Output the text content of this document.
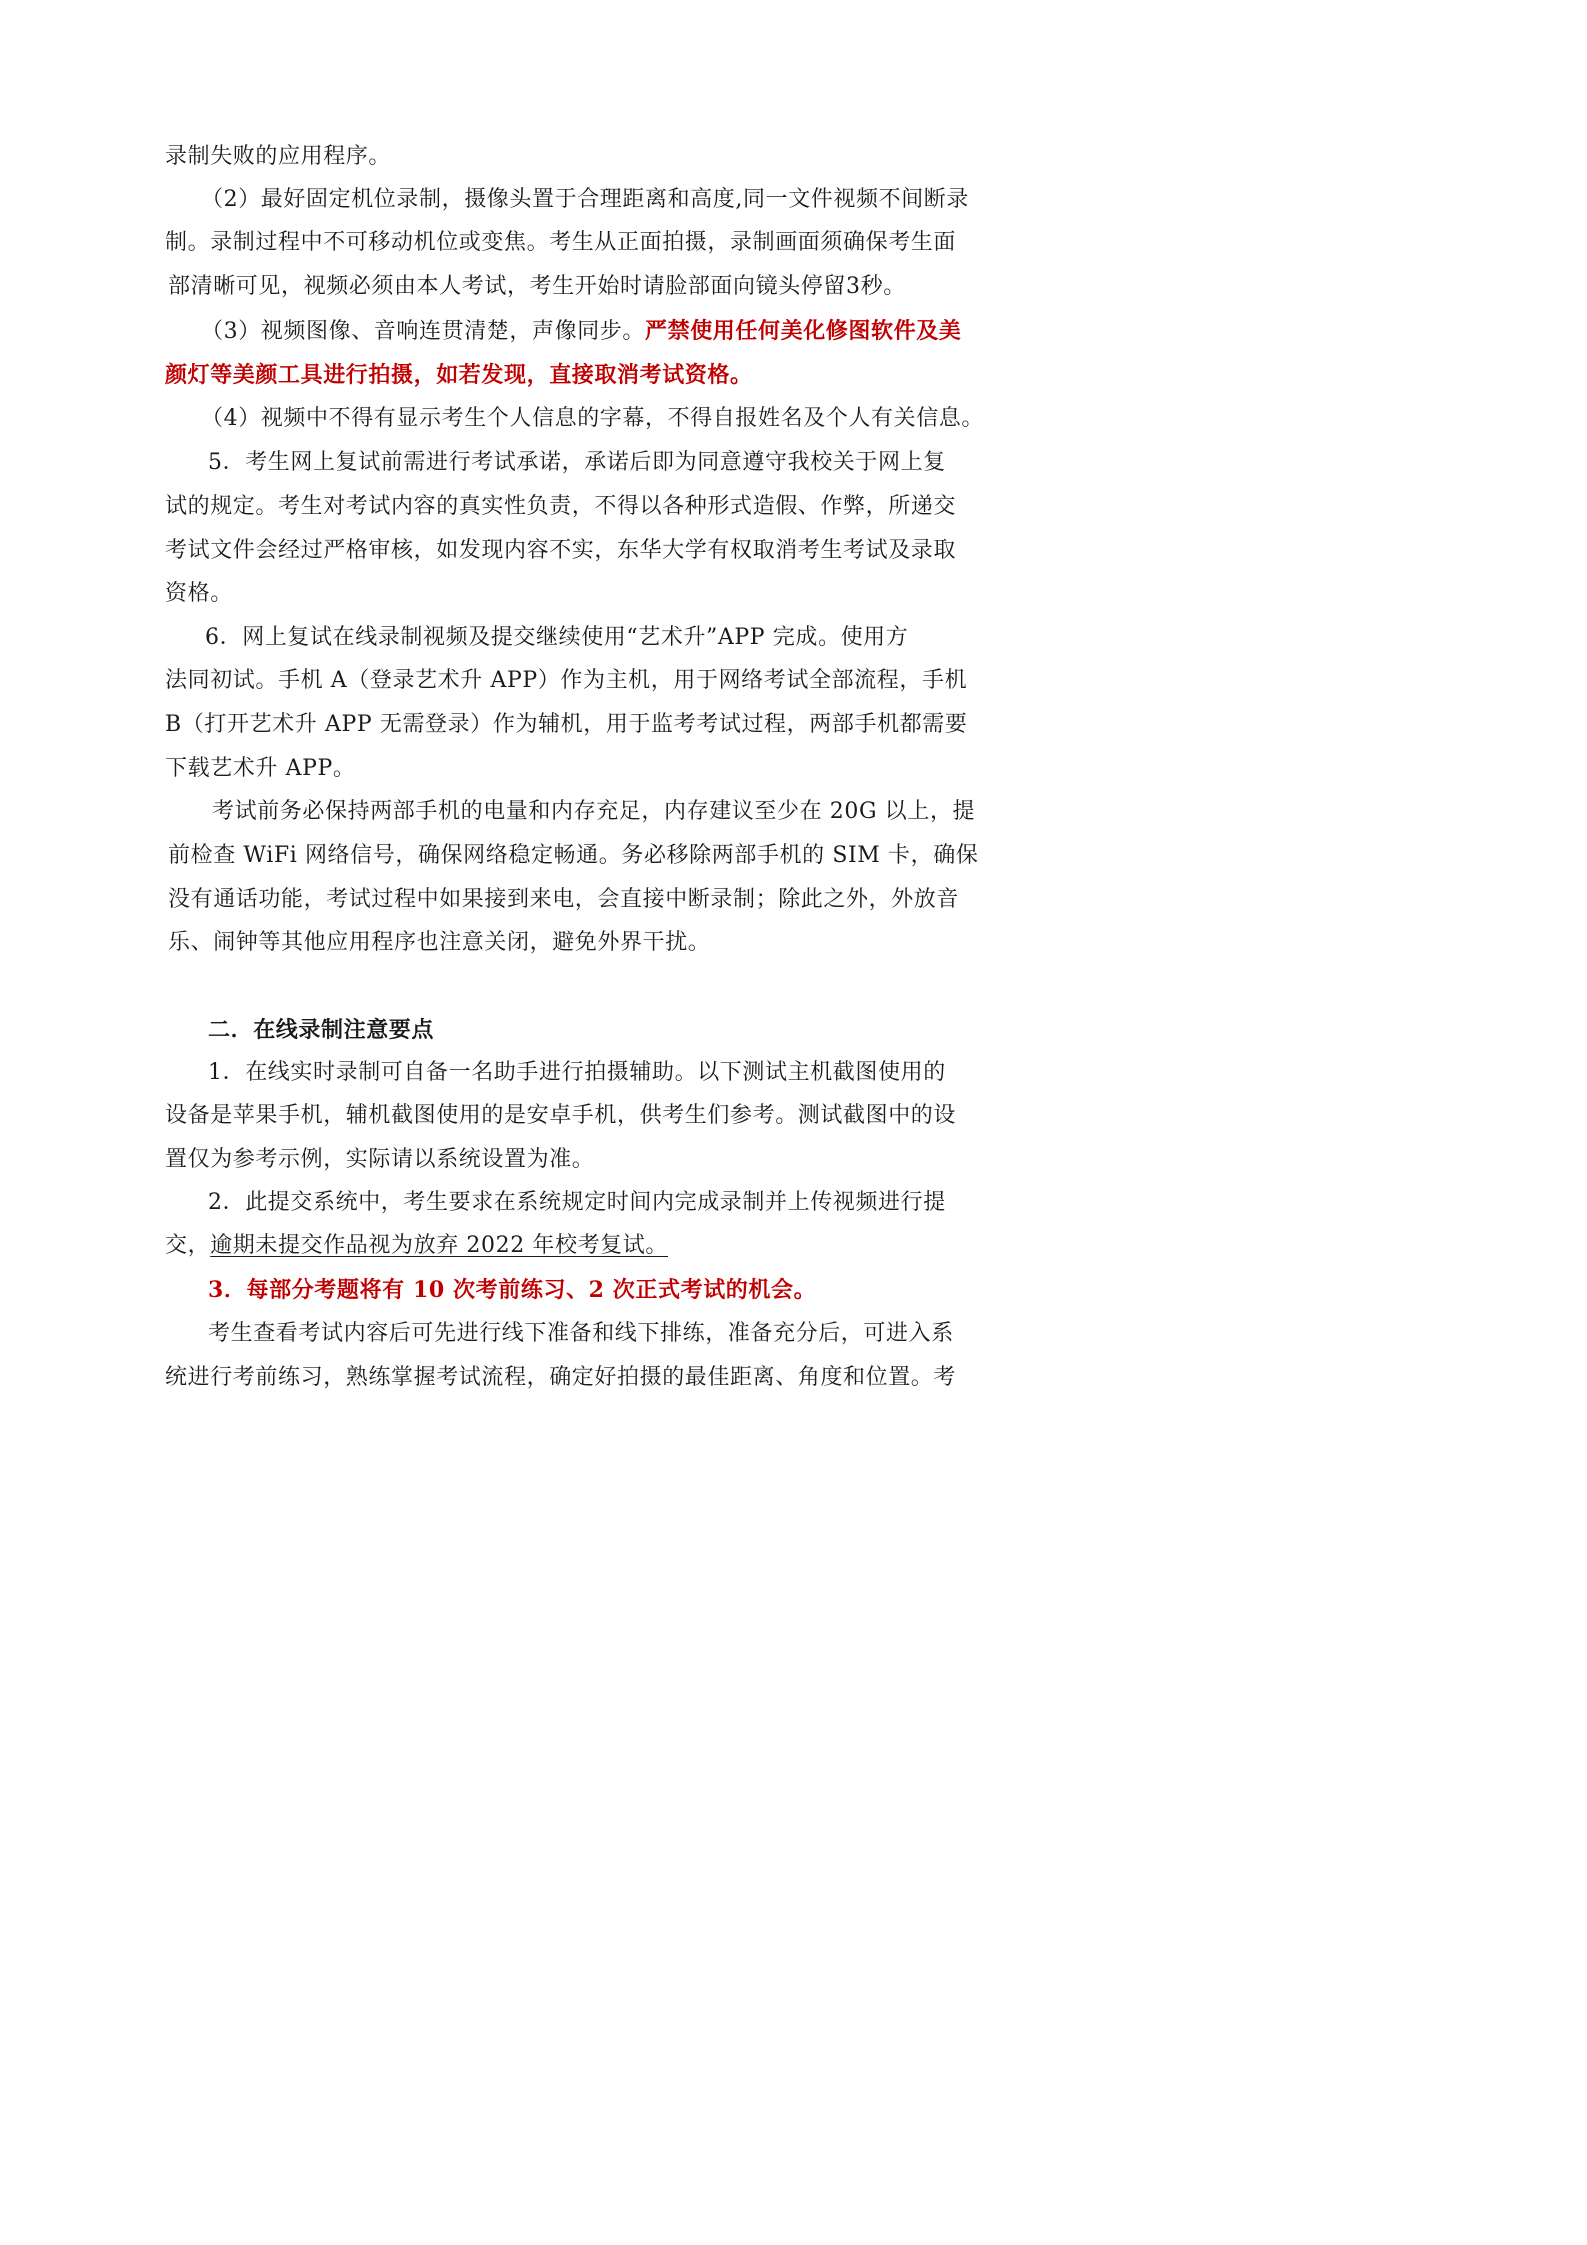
录制失败的应用程序。
（2）最好固定机位录制，摄像头置于合理距离和高度,同一文件视频不间断录
制。录制过程中不可移动机位或变焦。考生从正面拍摄，录制画面须确保考生面
部清晰可见，视频必须由本人考试，考生开始时请脸部面向镜头停留3秒。
（3）视频图像、音响连贯清楚，声像同步。严禁使用任何美化修图软件及美
颜灯等美颜工具进行拍摄，如若发现，直接取消考试资格。
（4）视频中不得有显示考生个人信息的字幕，不得自报姓名及个人有关信息。
5．考生网上复试前需进行考试承诺，承诺后即为同意遵守我校关于网上复
试的规定。考生对考试内容的真实性负责，不得以各种形式造假、作弊，所递交
考试文件会经过严格审核，如发现内容不实，东华大学有权取消考生考试及录取
资格。
6．网上复试在线录制视频及提交继续使用“艺术升”APP 完成。使用方
法同初试。手机 A（登录艺术升 APP）作为主机，用于网络考试全部流程，手机
B（打开艺术升 APP 无需登录）作为辅机，用于监考考试过程，两部手机都需要
下载艺术升 APP。
考试前务必保持两部手机的电量和内存充足，内存建议至少在 20G 以上，提
前检查 WiFi 网络信号，确保网络稳定畅通。务必移除两部手机的 SIM 卡，确保
没有通话功能，考试过程中如果接到来电，会直接中断录制；除此之外，外放音
乐、闹钟等其他应用程序也注意关闭，避免外界干扰。
二．在线录制注意要点
1．在线实时录制可自备一名助手进行拍摄辅助。以下测试主机截图使用的
设备是苹果手机，辅机截图使用的是安卓手机，供考生们参考。测试截图中的设
置仅为参考示例，实际请以系统设置为准。
2．此提交系统中，考生要求在系统规定时间内完成录制并上传视频进行提
交，逾期未提交作品视为放弃 2022 年校考复试。
3．每部分考题将有 10 次考前练习、2 次正式考试的机会。
考生查看考试内容后可先进行线下准备和线下排练，准备充分后，可进入系
统进行考前练习，熟练掌握考试流程，确定好拍摄的最佳距离、角度和位置。考
